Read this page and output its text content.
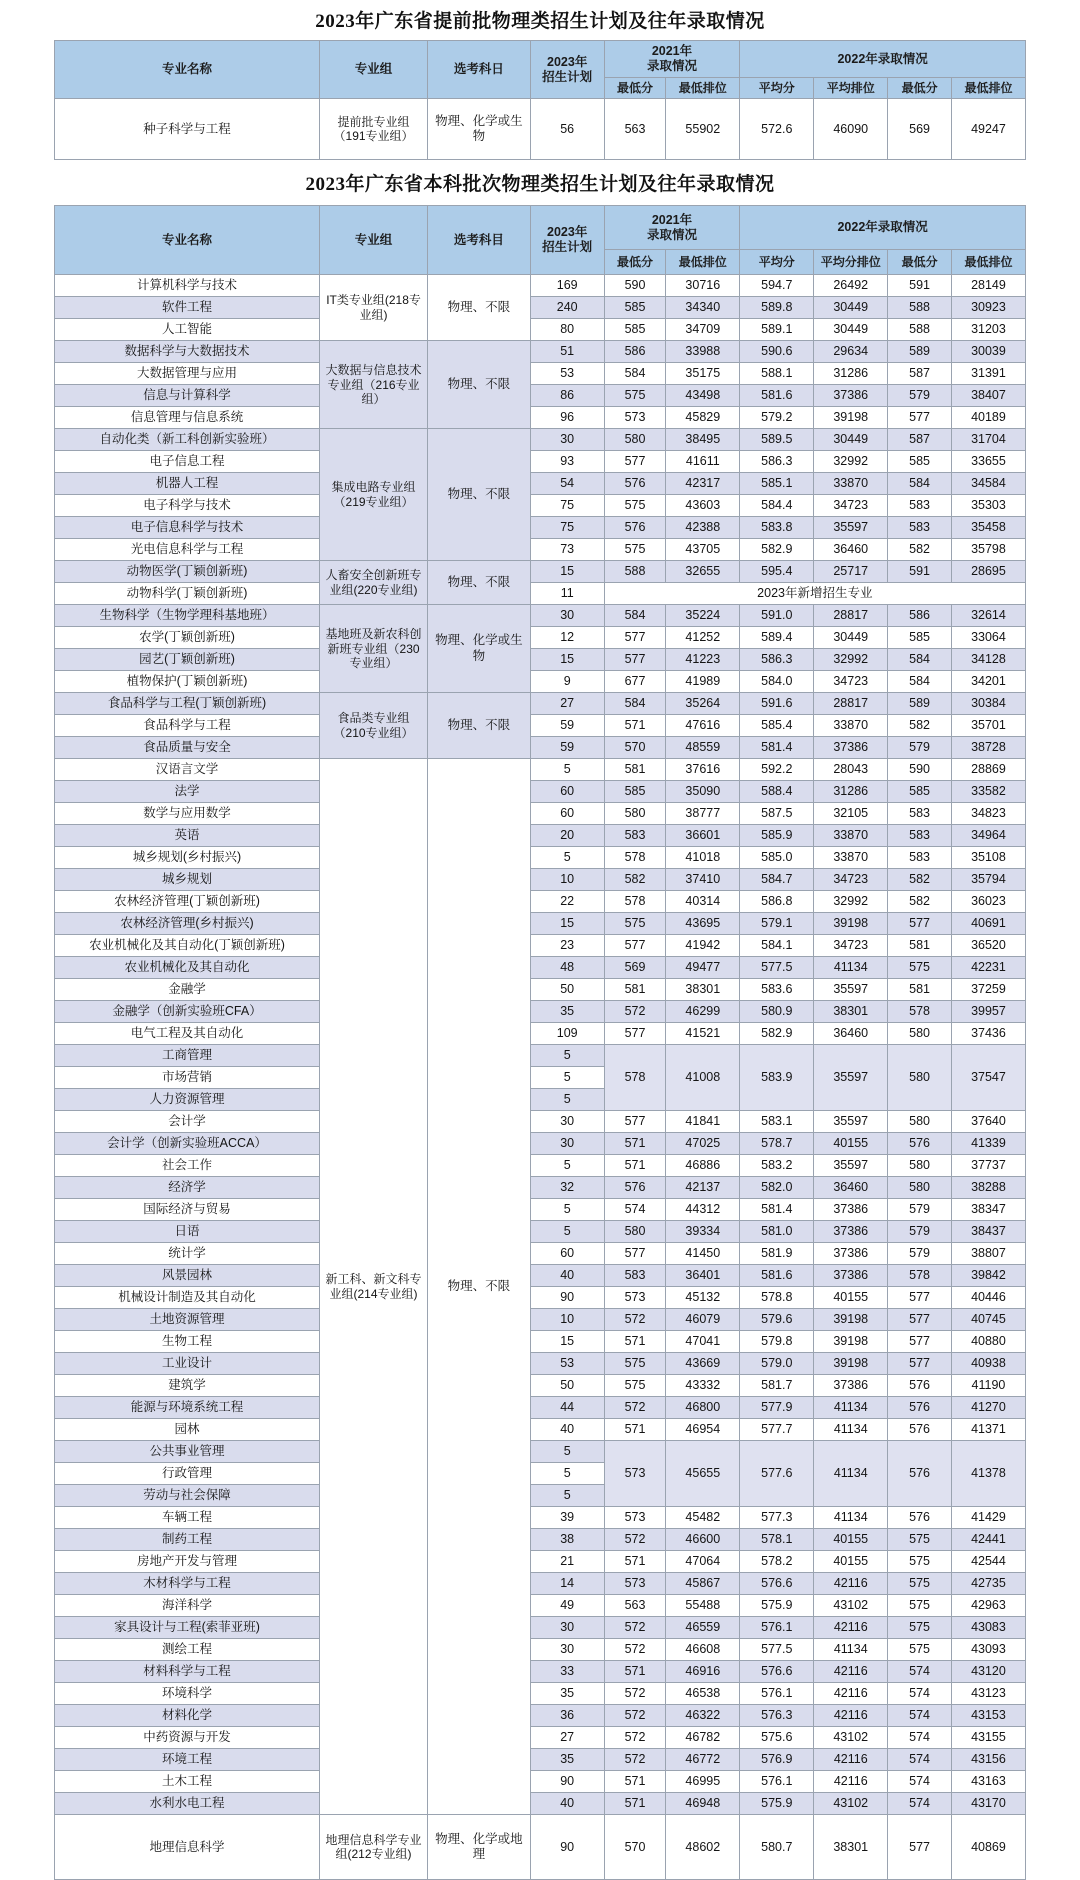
2023年广东省提前批物理类招生计划及往年录取情况
专业名称	专业组	选考科日	2023年
招生计划	2021年
录取情况		2022年录取情况			
				最低分	最低排位	平均分	平均排位	最低分	最低排位
种子科学与工程	提前批专业组（191专业组）	物理、化学或生物	56	563	55902	572.6	46090	569	49247
2023年广东省本科批次物理类招生计划及往年录取情况
专业名称	专业组	选考科目	2023年
招生计划	2021年
录取情况		2022年录取情况			
				最低分	最低排位	平均分	平均分排位	最低分	最低排位
计算机科学与技术	IT类专业组(218专业组)	物理、不限	169	590	30716	594.7	26492	591	28149
软件工程			240	585	34340	589.8	30449	588	30923
人工智能			80	585	34709	589.1	30449	588	31203
数据科学与大数据技术	大数据与信息技术专业组（216专业组）	物理、不限	51	586	33988	590.6	29634	589	30039
大数据管理与应用			53	584	35175	588.1	31286	587	31391
信息与计算科学			86	575	43498	581.6	37386	579	38407
信息管理与信息系统			96	573	45829	579.2	39198	577	40189
自动化类（新工科创新实验班）	集成电路专业组（219专业组）	物理、不限	30	580	38495	589.5	30449	587	31704
电子信息工程			93	577	41611	586.3	32992	585	33655
机器人工程			54	576	42317	585.1	33870	584	34584
电子科学与技术			75	575	43603	584.4	34723	583	35303
电子信息科学与技术			75	576	42388	583.8	35597	583	35458
光电信息科学与工程			73	575	43705	582.9	36460	582	35798
动物医学(丁颖创新班)	人畜安全创新班专业组(220专业组)	物理、不限	15	588	32655	595.4	25717	591	28695
动物科学(丁颖创新班)			11	2023年新增招生专业					
生物科学（生物学理科基地班）	基地班及新农科创新班专业组（230专业组）	物理、化学或生物	30	584	35224	591.0	28817	586	32614
农学(丁颖创新班)			12	577	41252	589.4	30449	585	33064
园艺(丁颖创新班)			15	577	41223	586.3	32992	584	34128
植物保护(丁颖创新班)			9	677	41989	584.0	34723	584	34201
食品科学与工程(丁颖创新班)	食品类专业组（210专业组）	物理、不限	27	584	35264	591.6	28817	589	30384
食品科学与工程			59	571	47616	585.4	33870	582	35701
食品质量与安全			59	570	48559	581.4	37386	579	38728
汉语言文学	新工科、新文科专业组(214专业组)	物理、不限	5	581	37616	592.2	28043	590	28869
法学			60	585	35090	588.4	31286	585	33582
数学与应用数学			60	580	38777	587.5	32105	583	34823
英语			20	583	36601	585.9	33870	583	34964
城乡规划(乡村振兴)			5	578	41018	585.0	33870	583	35108
城乡规划			10	582	37410	584.7	34723	582	35794
农林经济管理(丁颖创新班)			22	578	40314	586.8	32992	582	36023
农林经济管理(乡村振兴)			15	575	43695	579.1	39198	577	40691
农业机械化及其自动化(丁颖创新班)			23	577	41942	584.1	34723	581	36520
农业机械化及其自动化			48	569	49477	577.5	41134	575	42231
金融学			50	581	38301	583.6	35597	581	37259
金融学（创新实验班CFA）			35	572	46299	580.9	38301	578	39957
电气工程及其自动化			109	577	41521	582.9	36460	580	37436
工商管理			5	578	41008	583.9	35597	580	37547
市场营销			5						
人力资源管理			5						
会计学			30	577	41841	583.1	35597	580	37640
会计学（创新实验班ACCA）			30	571	47025	578.7	40155	576	41339
社会工作			5	571	46886	583.2	35597	580	37737
经济学			32	576	42137	582.0	36460	580	38288
国际经济与贸易			5	574	44312	581.4	37386	579	38347
日语			5	580	39334	581.0	37386	579	38437
统计学			60	577	41450	581.9	37386	579	38807
风景园林			40	583	36401	581.6	37386	578	39842
机械设计制造及其自动化			90	573	45132	578.8	40155	577	40446
土地资源管理			10	572	46079	579.6	39198	577	40745
生物工程			15	571	47041	579.8	39198	577	40880
工业设计			53	575	43669	579.0	39198	577	40938
建筑学			50	575	43332	581.7	37386	576	41190
能源与环境系统工程			44	572	46800	577.9	41134	576	41270
园林			40	571	46954	577.7	41134	576	41371
公共事业管理			5	573	45655	577.6	41134	576	41378
行政管理			5						
劳动与社会保障			5						
车辆工程			39	573	45482	577.3	41134	576	41429
制药工程			38	572	46600	578.1	40155	575	42441
房地产开发与管理			21	571	47064	578.2	40155	575	42544
木材科学与工程			14	573	45867	576.6	42116	575	42735
海洋科学			49	563	55488	575.9	43102	575	42963
家具设计与工程(索菲亚班)			30	572	46559	576.1	42116	575	43083
测绘工程			30	572	46608	577.5	41134	575	43093
材料科学与工程			33	571	46916	576.6	42116	574	43120
环境科学			35	572	46538	576.1	42116	574	43123
材料化学			36	572	46322	576.3	42116	574	43153
中药资源与开发			27	572	46782	575.6	43102	574	43155
环境工程			35	572	46772	576.9	42116	574	43156
土木工程			90	571	46995	576.1	42116	574	43163
水利水电工程			40	571	46948	575.9	43102	574	43170
地理信息科学	地理信息科学专业组(212专业组)	物理、化学或地理	90	570	48602	580.7	38301	577	40869
